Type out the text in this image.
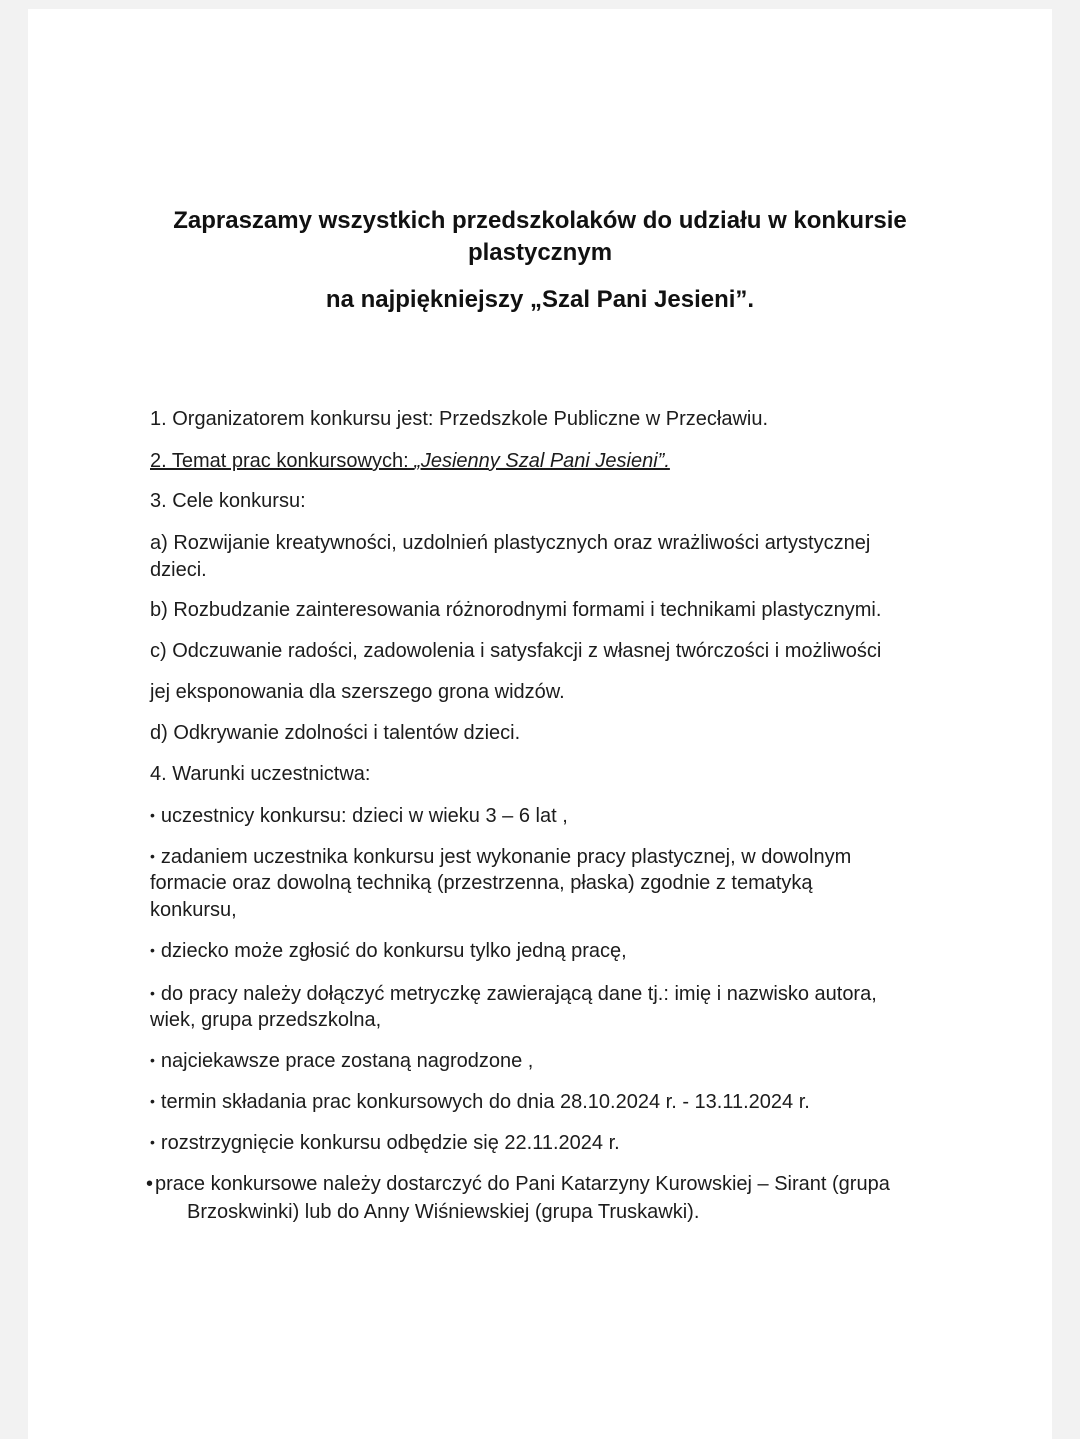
Zapraszamy wszystkich przedszkolaków do udziału w konkursie
plastycznym
na najpiękniejszy „Szal Pani Jesieni”.
1. Organizatorem konkursu jest: Przedszkole Publiczne w Przecławiu.
2. Temat prac konkursowych: „Jesienny Szal Pani Jesieni”.
3. Cele konkursu:
a) Rozwijanie kreatywności, uzdolnień plastycznych oraz wrażliwości artystycznej
dzieci.
b) Rozbudzanie zainteresowania różnorodnymi formami i technikami plastycznymi.
c) Odczuwanie radości, zadowolenia i satysfakcji z własnej twórczości i możliwości
jej eksponowania dla szerszego grona widzów.
d) Odkrywanie zdolności i talentów dzieci.
4. Warunki uczestnictwa:
• uczestnicy konkursu: dzieci w wieku 3 – 6 lat ,
• zadaniem uczestnika konkursu jest wykonanie pracy plastycznej, w dowolnym
formacie oraz dowolną techniką (przestrzenna, płaska) zgodnie z tematyką
konkursu,
• dziecko może zgłosić do konkursu tylko jedną pracę,
• do pracy należy dołączyć metryczkę zawierającą dane tj.: imię i nazwisko autora,
wiek, grupa przedszkolna,
• najciekawsze prace zostaną nagrodzone ,
• termin składania prac konkursowych do dnia 28.10.2024 r. - 13.11.2024 r.
• rozstrzygnięcie konkursu odbędzie się 22.11.2024 r.
• prace konkursowe należy dostarczyć do Pani Katarzyny Kurowskiej – Sirant (grupa
Brzoskwinki) lub do Anny Wiśniewskiej (grupa Truskawki).
